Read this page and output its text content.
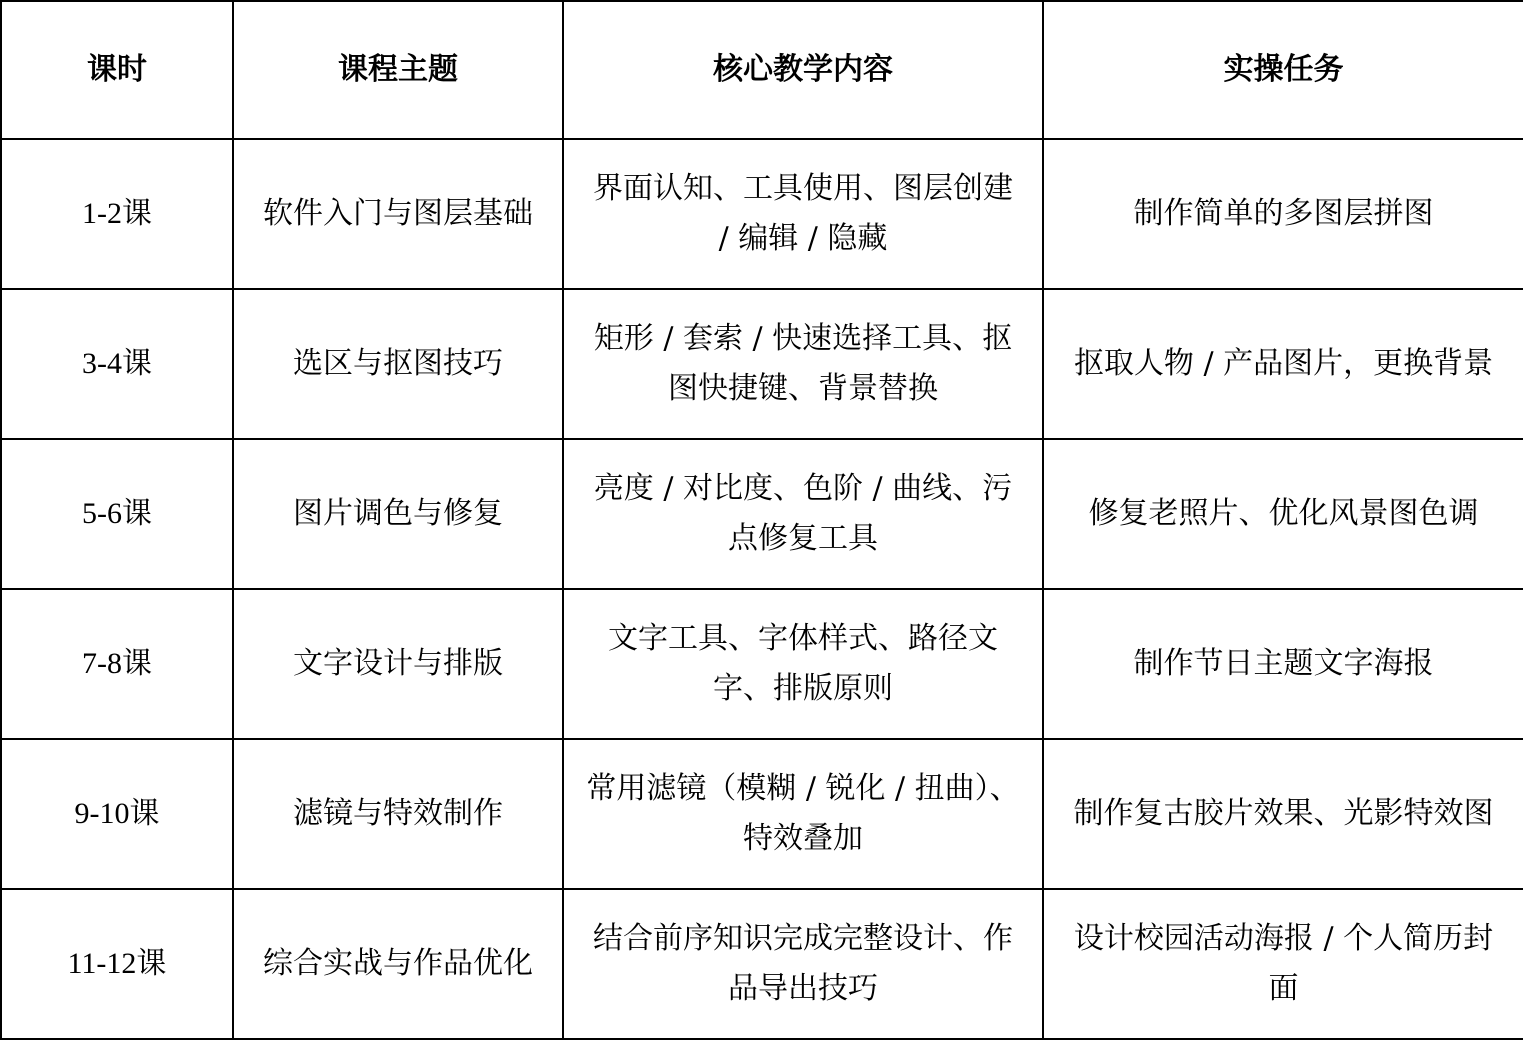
课时	课程主题	核心教学内容	实操任务
1-2课	软件入门与图层基础	界面认知、工具使用、图层创建 / 编辑 / 隐藏	制作简单的多图层拼图
3-4课	选区与抠图技巧	矩形 / 套索 / 快速选择工具、抠图快捷键、背景替换	抠取人物 / 产品图片，更换背景
5-6课	图片调色与修复	亮度 / 对比度、色阶 / 曲线、污点修复工具	修复老照片、优化风景图色调
7-8课	文字设计与排版	文字工具、字体样式、路径文字、排版原则	制作节日主题文字海报
9-10课	滤镜与特效制作	常用滤镜（模糊 / 锐化 / 扭曲）、特效叠加	制作复古胶片效果、光影特效图
11-12课	综合实战与作品优化	结合前序知识完成完整设计、作品导出技巧	设计校园活动海报 / 个人简历封面
